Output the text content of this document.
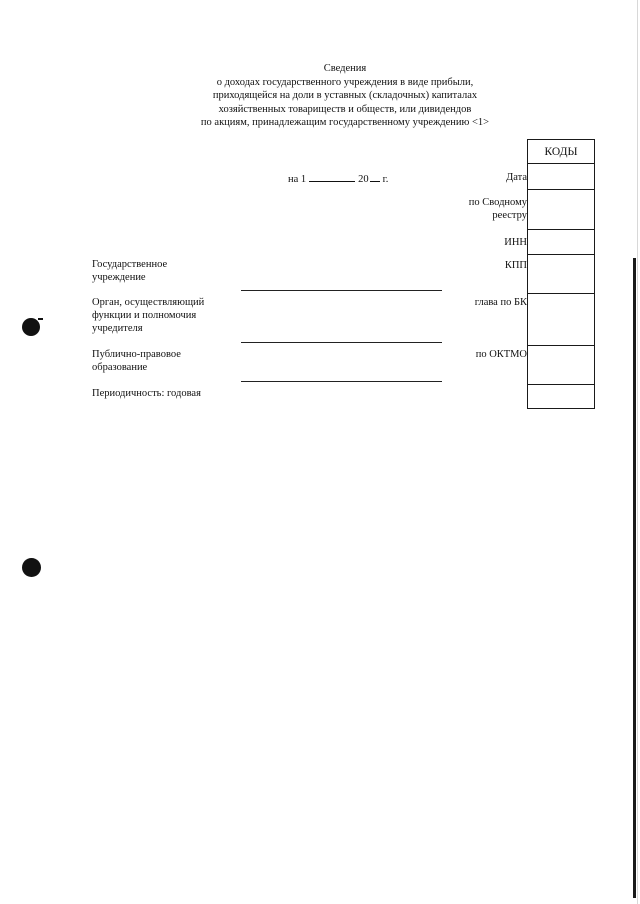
Сведения
о доходах государственного учреждения в виде прибыли,
приходящейся на доли в уставных (складочных) капиталах
хозяйственных товариществ и обществ, или дивидендов
по акциям, принадлежащим государственному учреждению <1>
на 1	20 г.
КОДЫ

Дата
по Сводному
реестру
ИНН
КПП
глава по БК
по ОКТМО
Государственное
учреждение
Орган, осуществляющий
функции и полномочия
учредителя
Публично-правовое
образование
Периодичность: годовая
